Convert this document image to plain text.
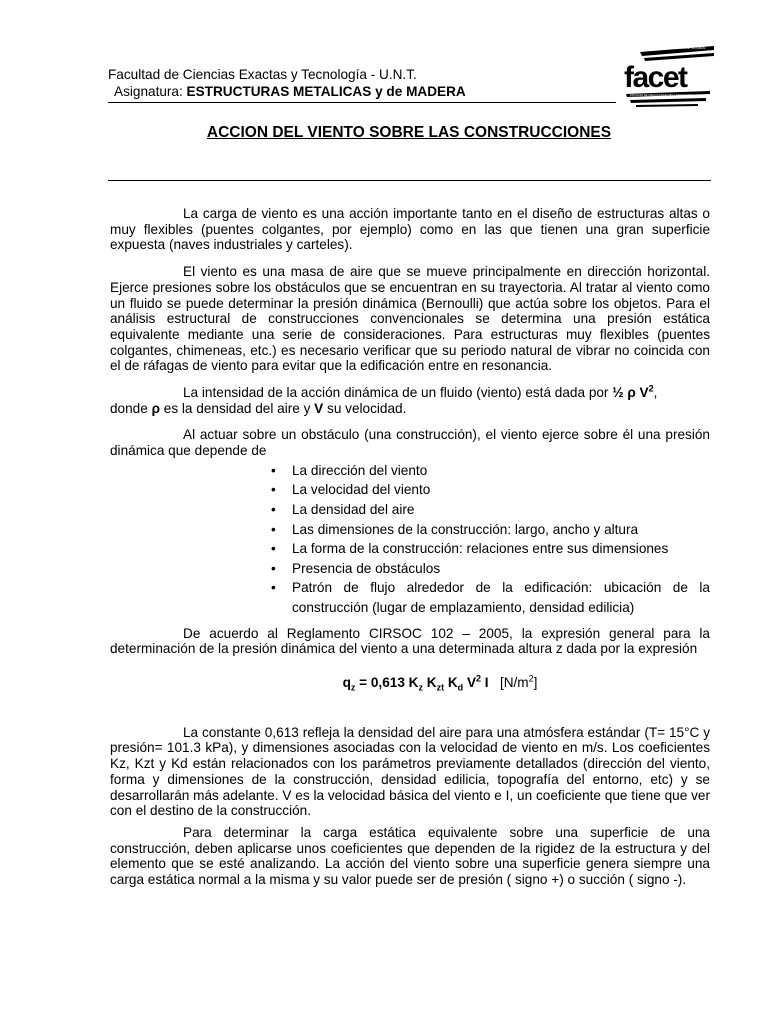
Facultad de Ciencias Exactas y Tecnología - U.N.T.
Asignatura: ESTRUCTURAS METALICAS y de MADERA
UNIVERSIDAD NACIONAL DE TUCUMAN
facet
FACULTAD DE CIENCIAS EXACTAS Y TECNOLOGIA
ACCION DEL VIENTO SOBRE LAS CONSTRUCCIONES

La carga de viento es una acción importante tanto en el diseño de estructuras altas o muy flexibles (puentes colgantes, por ejemplo) como en las que tienen una gran superficie expuesta (naves industriales y carteles).

El viento es una masa de aire que se mueve principalmente en dirección horizontal. Ejerce presiones sobre los obstáculos que se encuentran en su trayectoria. Al tratar al viento como un fluido se puede determinar la presión dinámica (Bernoulli) que actúa sobre los objetos. Para el análisis estructural de construcciones convencionales se determina una presión estática equivalente mediante una serie de consideraciones. Para estructuras muy flexibles (puentes colgantes, chimeneas, etc.) es necesario verificar que su periodo natural de vibrar no coincida con el de ráfagas de viento para evitar que la edificación entre en resonancia.

La intensidad de la acción dinámica de un fluido (viento) está dada por ½ ρ $V^2$,
donde ρ es la densidad del aire y V su velocidad.

Al actuar sobre un obstáculo (una construcción), el viento ejerce sobre él una presión dinámica que depende de

• La dirección del viento
• La velocidad del viento
• La densidad del aire
• Las dimensiones de la construcción: largo, ancho y altura
• La forma de la construcción: relaciones entre sus dimensiones
• Presencia de obstáculos
• Patrón de flujo alrededor de la edificación: ubicación de la construcción (lugar de emplazamiento, densidad edilicia)

De acuerdo al Reglamento CIRSOC 102 – 2005, la expresión general para la determinación de la presión dinámica del viento a una determinada altura z dada por la expresión

$q_z = 0,613$ $K_z$ $K_{zt}$ $K_d$ $V^2$ I $[N/m^2]$

La constante 0,613 refleja la densidad del aire para una atmósfera estándar (T= 15°C y presión= 101.3 kPa), y dimensiones asociadas con la velocidad de viento en m/s. Los coeficientes Kz, Kzt y Kd están relacionados con los parámetros previamente detallados (dirección del viento, forma y dimensiones de la construcción, densidad edilicia, topografía del entorno, etc) y se desarrollarán más adelante. V es la velocidad básica del viento e I, un coeficiente que tiene que ver con el destino de la construcción.

Para determinar la carga estática equivalente sobre una superficie de una construcción, deben aplicarse unos coeficientes que dependen de la rigidez de la estructura y del elemento que se esté analizando. La acción del viento sobre una superficie genera siempre una carga estática normal a la misma y su valor puede ser de presión ( signo +) o succión ( signo -).
